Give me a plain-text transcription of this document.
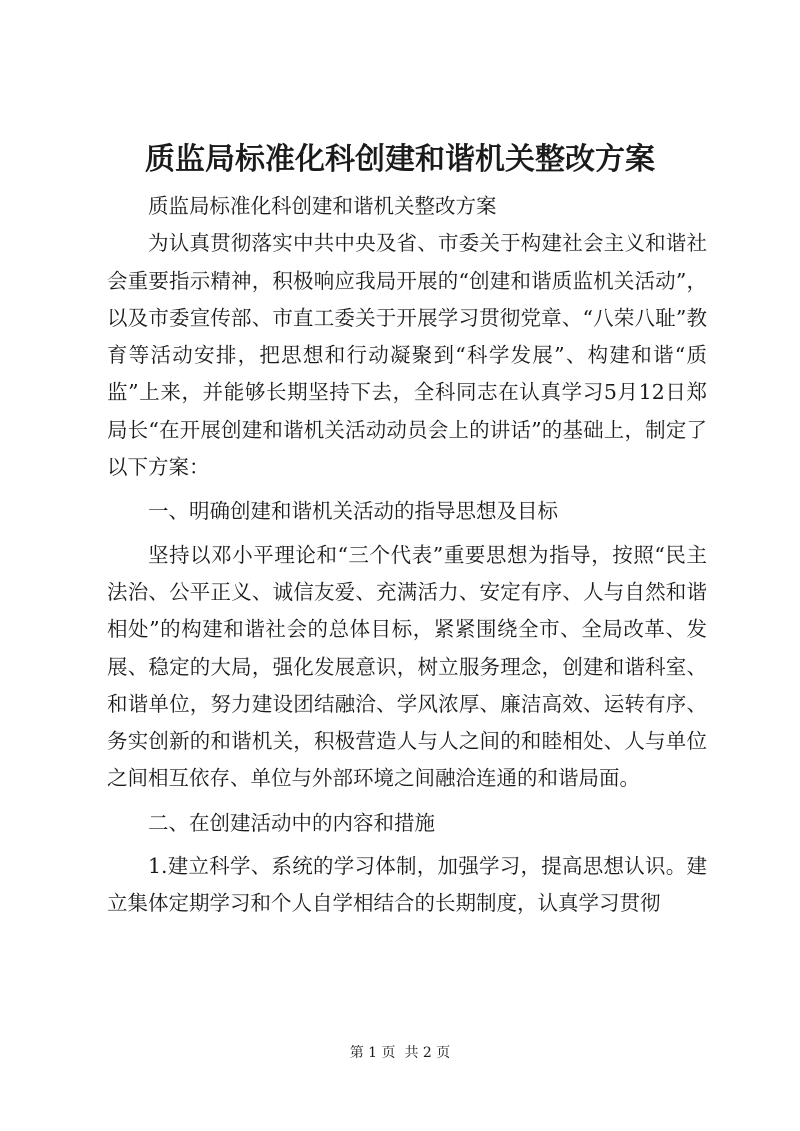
质监局标准化科创建和谐机关整改方案

质监局标准化科创建和谐机关整改方案

为认真贯彻落实中共中央及省、市委关于构建社会主义和谐社会重要指示精神，积极响应我局开展的“创建和谐质监机关活动”，以及市委宣传部、市直工委关于开展学习贯彻党章、“八荣八耻”教育等活动安排，把思想和行动凝聚到“科学发展”、构建和谐“质监”上来，并能够长期坚持下去，全科同志在认真学习5月12日郑局长“在开展创建和谐机关活动动员会上的讲话”的基础上，制定了以下方案：

一、明确创建和谐机关活动的指导思想及目标

坚持以邓小平理论和“三个代表”重要思想为指导，按照“民主法治、公平正义、诚信友爱、充满活力、安定有序、人与自然和谐相处”的构建和谐社会的总体目标，紧紧围绕全市、全局改革、发展、稳定的大局，强化发展意识，树立服务理念，创建和谐科室、和谐单位，努力建设团结融洽、学风浓厚、廉洁高效、运转有序、务实创新的和谐机关，积极营造人与人之间的和睦相处、人与单位之间相互依存、单位与外部环境之间融洽连通的和谐局面。

二、在创建活动中的内容和措施

1.建立科学、系统的学习体制，加强学习，提高思想认识。建立集体定期学习和个人自学相结合的长期制度，认真学习贯彻

第 1 页  共 2 页
